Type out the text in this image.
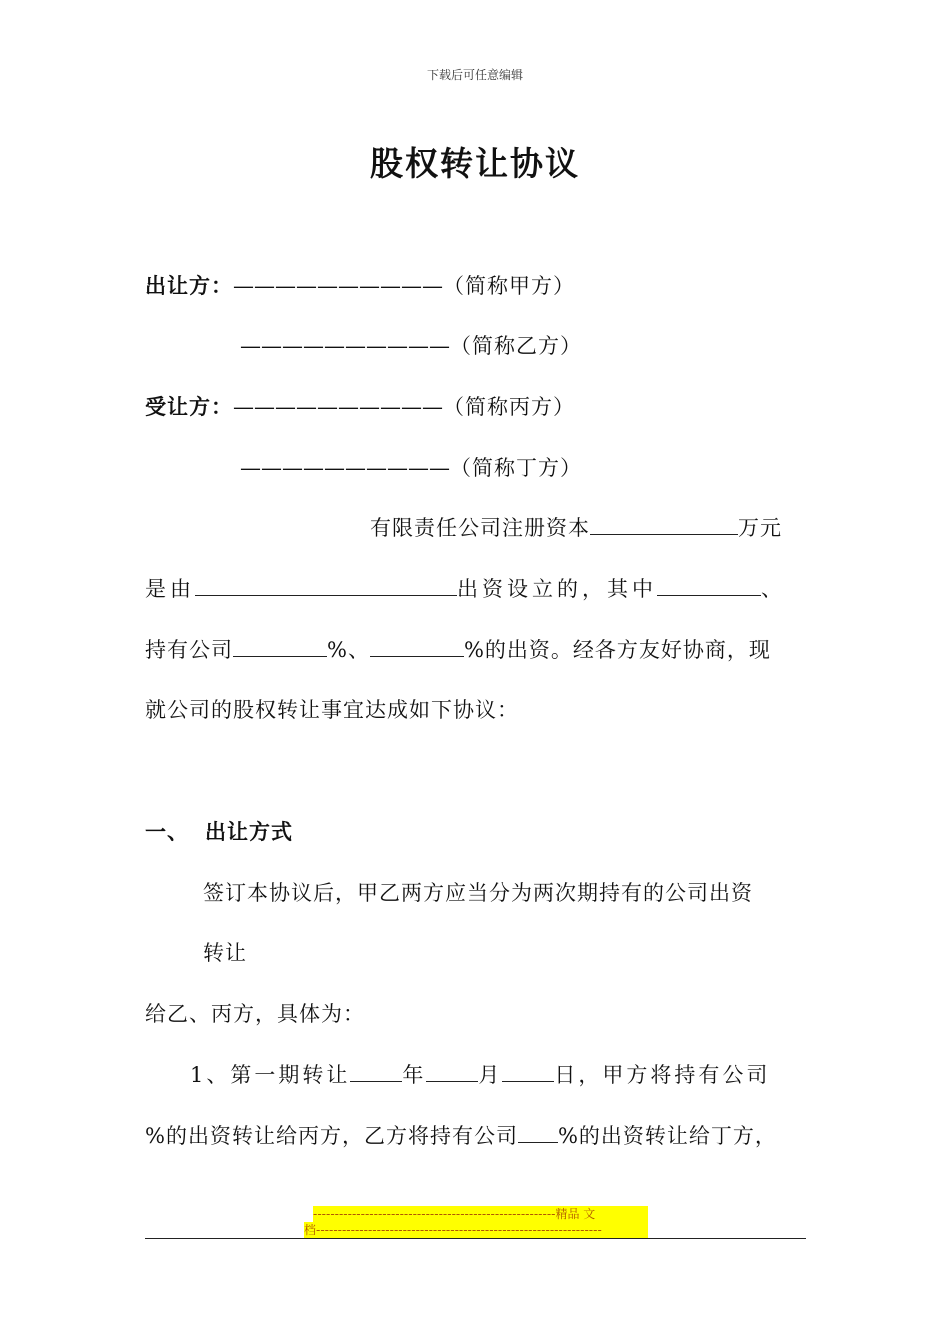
下载后可任意编辑
股权转让协议
出让方：——————————（简称甲方）
——————————（简称乙方）
受让方：——————————（简称丙方）
——————————（简称丁方）
有限责任公司注册资本	万元
是由	出资设立的，其中	、
持有公司	%、	%的出资。经各方友好协商，现
就公司的股权转让事宜达成如下协议：
一、 出让方式
签订本协议后，甲乙两方应当分为两次期持有的公司出资
转让
给乙、丙方，具体为：
1、第一期转让 年 月 日，甲方将持有公司
%的出资转让给丙方，乙方将持有公司 %的出资转让给丁方，
--------------------------------------------------------精品 文
档------------------------------------------------------------------
